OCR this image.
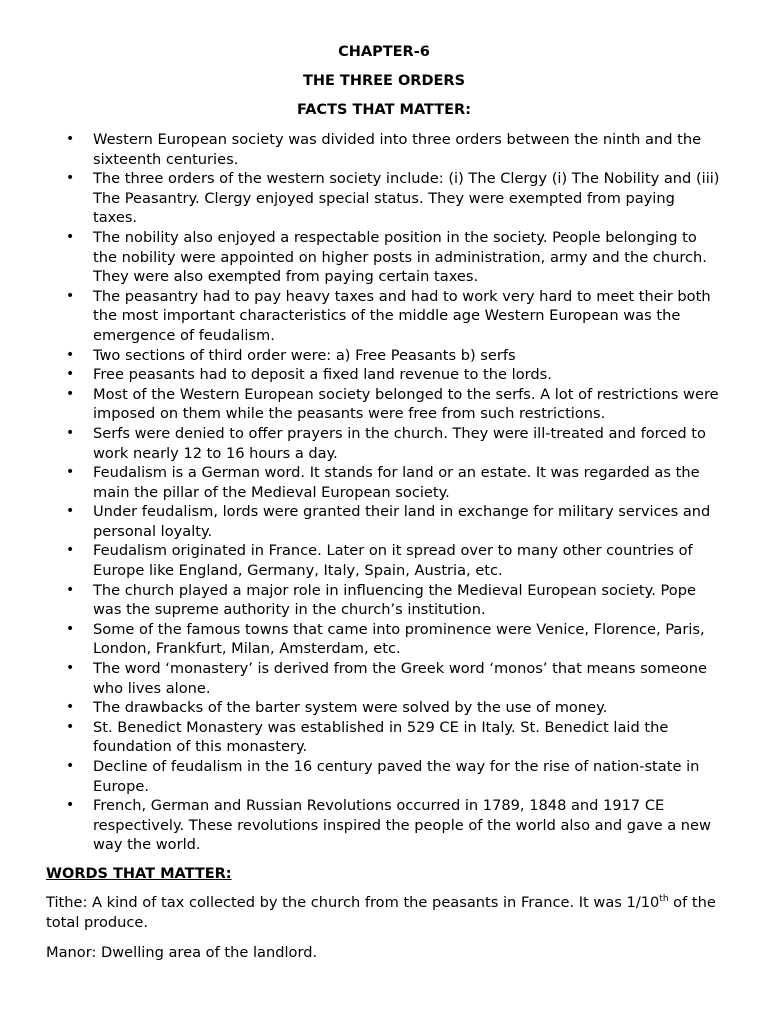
CHAPTER-6

THE THREE ORDERS

FACTS THAT MATTER:

• Western European society was divided into three orders between the ninth and the sixteenth centuries.
• The three orders of the western society include: (i) The Clergy (i) The Nobility and (iii) The Peasantry. Clergy enjoyed special status. They were exempted from paying taxes.
• The nobility also enjoyed a respectable position in the society. People belonging to the nobility were appointed on higher posts in administration, army and the church. They were also exempted from paying certain taxes.
• The peasantry had to pay heavy taxes and had to work very hard to meet their both the most important characteristics of the middle age Western European was the emergence of feudalism.
• Two sections of third order were: a) Free Peasants b) serfs
• Free peasants had to deposit a fixed land revenue to the lords.
• Most of the Western European society belonged to the serfs. A lot of restrictions were imposed on them while the peasants were free from such restrictions.
• Serfs were denied to offer prayers in the church. They were ill-treated and forced to work nearly 12 to 16 hours a day.
• Feudalism is a German word. It stands for land or an estate. It was regarded as the main the pillar of the Medieval European society.
• Under feudalism, lords were granted their land in exchange for military services and personal loyalty.
• Feudalism originated in France. Later on it spread over to many other countries of Europe like England, Germany, Italy, Spain, Austria, etc.
• The church played a major role in influencing the Medieval European society. Pope was the supreme authority in the church’s institution.
• Some of the famous towns that came into prominence were Venice, Florence, Paris, London, Frankfurt, Milan, Amsterdam, etc.
• The word ‘monastery’ is derived from the Greek word ‘monos’ that means someone who lives alone.
• The drawbacks of the barter system were solved by the use of money.
• St. Benedict Monastery was established in 529 CE in Italy. St. Benedict laid the foundation of this monastery.
• Decline of feudalism in the 16 century paved the way for the rise of nation-state in Europe.
• French, German and Russian Revolutions occurred in 1789, 1848 and 1917 CE respectively. These revolutions inspired the people of the world also and gave a new way the world.

WORDS THAT MATTER:

Tithe: A kind of tax collected by the church from the peasants in France. It was 1/10th of the total produce.

Manor: Dwelling area of the landlord.
